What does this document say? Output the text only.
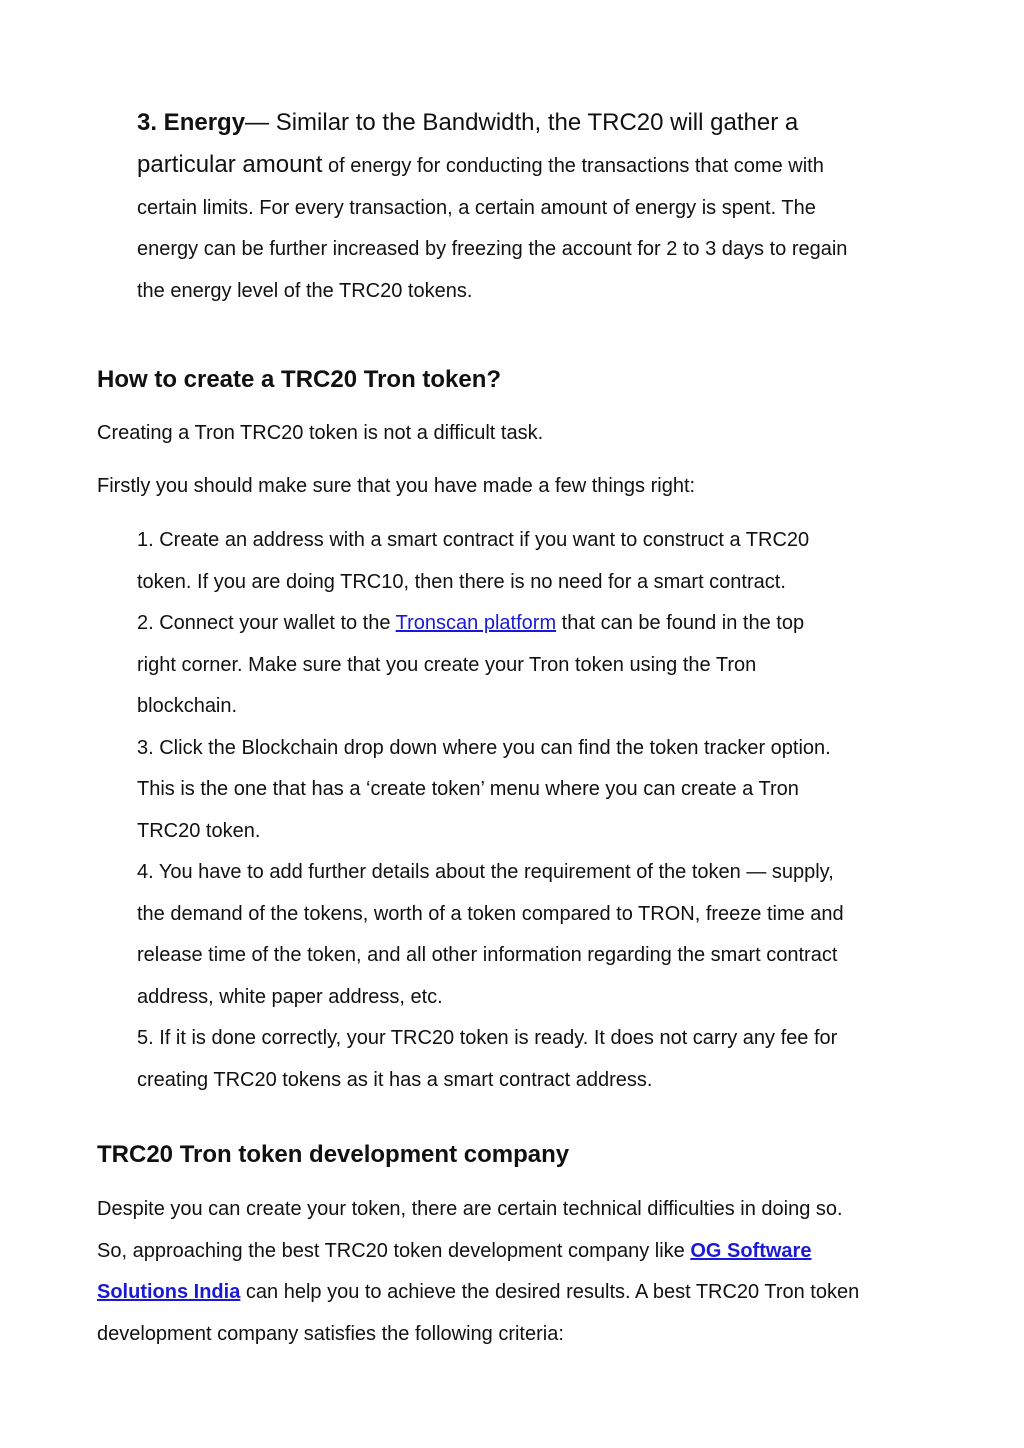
3. Energy— Similar to the Bandwidth, the TRC20 will gather a
particular amount of energy for conducting the transactions that come with
certain limits. For every transaction, a certain amount of energy is spent. The
energy can be further increased by freezing the account for 2 to 3 days to regain
the energy level of the TRC20 tokens.
How to create a TRC20 Tron token?

Creating a Tron TRC20 token is not a difficult task.

Firstly you should make sure that you have made a few things right:

1. Create an address with a smart contract if you want to construct a TRC20
token. If you are doing TRC10, then there is no need for a smart contract.
2. Connect your wallet to the Tronscan platform that can be found in the top
right corner. Make sure that you create your Tron token using the Tron
blockchain.
3. Click the Blockchain drop down where you can find the token tracker option.
This is the one that has a ‘create token’ menu where you can create a Tron
TRC20 token.
4. You have to add further details about the requirement of the token — supply,
the demand of the tokens, worth of a token compared to TRON, freeze time and
release time of the token, and all other information regarding the smart contract
address, white paper address, etc.
5. If it is done correctly, your TRC20 token is ready. It does not carry any fee for
creating TRC20 tokens as it has a smart contract address.
TRC20 Tron token development company
Despite you can create your token, there are certain technical difficulties in doing so.
So, approaching the best TRC20 token development company like OG Software
Solutions India can help you to achieve the desired results. A best TRC20 Tron token
development company satisfies the following criteria:
